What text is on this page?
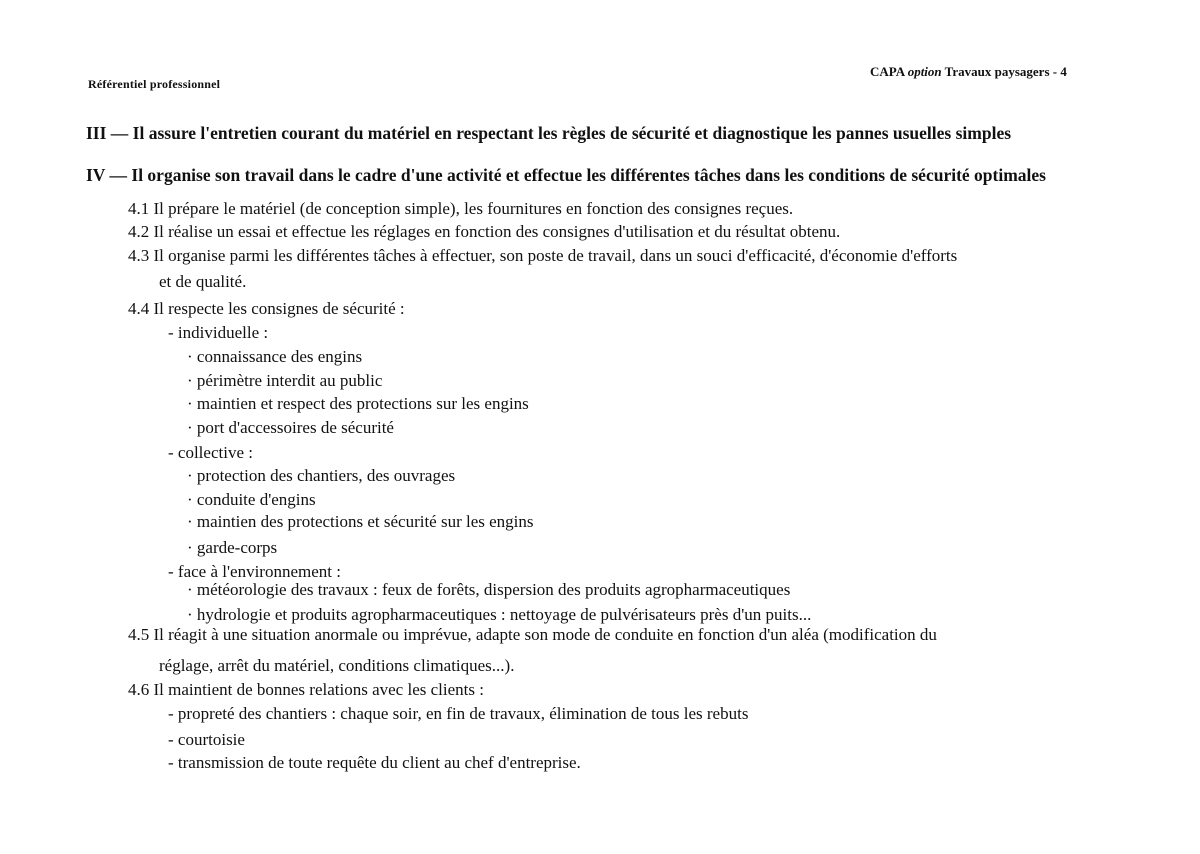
Référentiel professionnel
CAPA option Travaux paysagers - 4
III — Il assure l'entretien courant du matériel en respectant les règles de sécurité et diagnostique les pannes usuelles simples
IV — Il organise son travail dans le cadre d'une activité et effectue les différentes tâches dans les conditions de sécurité optimales
4.1 Il prépare le matériel (de conception simple), les fournitures en fonction des consignes reçues.
4.2 Il réalise un essai et effectue les réglages en fonction des consignes d'utilisation et du résultat obtenu.
4.3 Il organise parmi les différentes tâches à effectuer, son poste de travail, dans un souci d'efficacité, d'économie d'efforts
et de qualité.
4.4 Il respecte les consignes de sécurité :
- individuelle :
· connaissance des engins
· périmètre interdit au public
· maintien et respect des protections sur les engins
· port d'accessoires de sécurité
- collective :
· protection des chantiers, des ouvrages
· conduite d'engins
· maintien des protections et sécurité sur les engins
· garde-corps
- face à l'environnement :
· météorologie des travaux : feux de forêts, dispersion des produits agropharmaceutiques
· hydrologie et produits agropharmaceutiques : nettoyage de pulvérisateurs près d'un puits...
4.5 Il réagit à une situation anormale ou imprévue, adapte son mode de conduite en fonction d'un aléa (modification du
réglage, arrêt du matériel, conditions climatiques...).
4.6 Il maintient de bonnes relations avec les clients :
- propreté des chantiers : chaque soir, en fin de travaux, élimination de tous les rebuts
- courtoisie
- transmission de toute requête du client au chef d'entreprise.
